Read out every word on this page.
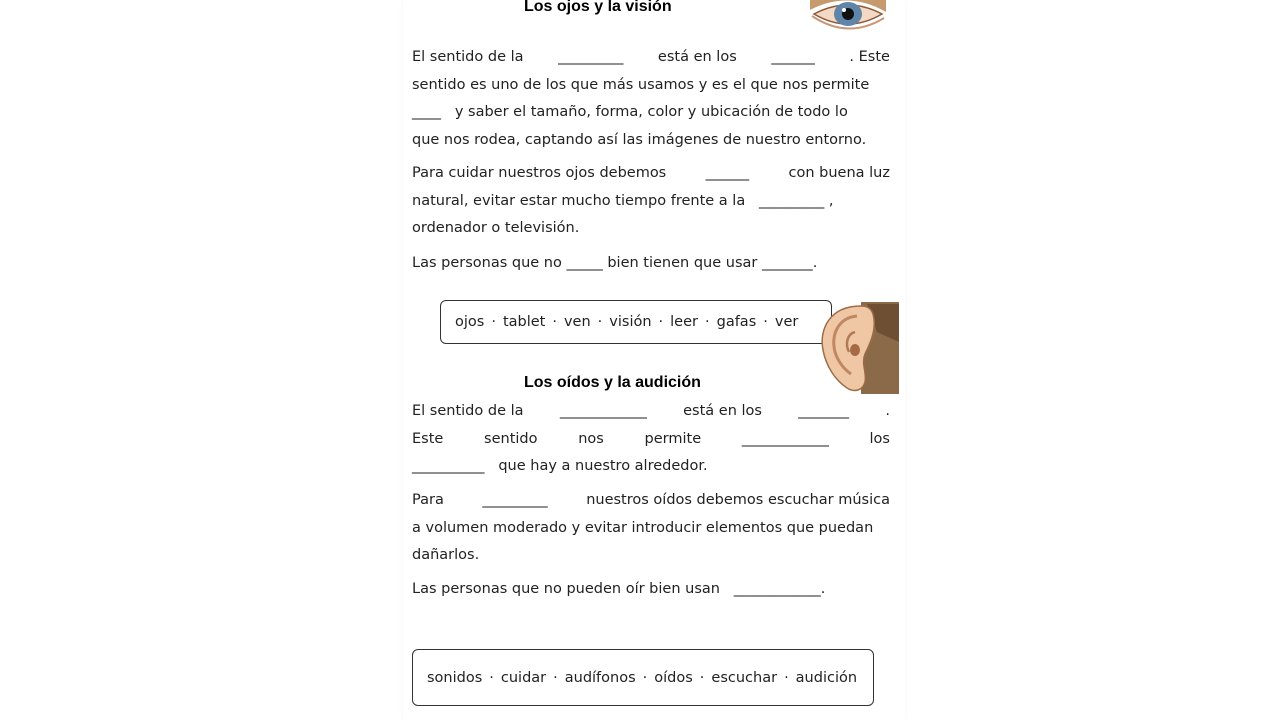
Los ojos y la visión
El sentido de la _________ está en los ______ . Este
sentido es uno de los que más usamos y es el que nos permite
____ y saber el tamaño, forma, color y ubicación de todo lo
que nos rodea, captando así las imágenes de nuestro entorno.
Para cuidar nuestros ojos debemos	______	con buena luz
natural, evitar estar mucho tiempo frente a la _________ ,
ordenador o televisión.
Las personas que no _____ bien tienen que usar _______.
ojos · tablet · ven · visión · leer · gafas · ver
Los oídos y la audición
El sentido de la	____________	está en los	_______	.
Este	sentido	nos	permite	____________	los
__________ que hay a nuestro alrededor.
Para	_________	nuestros oídos debemos escuchar música
a volumen moderado y evitar introducir elementos que puedan
dañarlos.
Las personas que no pueden oír bien usan ____________.
sonidos · cuidar · audífonos · oídos · escuchar · audición
